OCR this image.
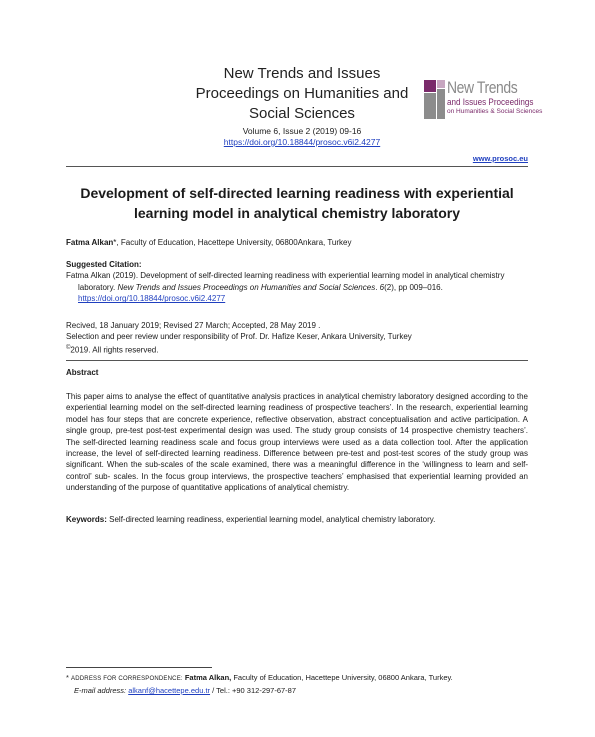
New Trends and Issues
Proceedings on Humanities and
Social Sciences
Volume 6, Issue 2 (2019) 09-16
https://doi.org/10.18844/prosoc.v6i2.4277
New Trends
and Issues Proceedings
on Humanities & Social Sciences
www.prosoc.eu
Development of self-directed learning readiness with experiential learning model in analytical chemistry laboratory
Fatma Alkan*, Faculty of Education, Hacettepe University, 06800Ankara, Turkey
Suggested Citation:
Fatma Alkan (2019). Development of self-directed learning readiness with experiential learning model in analytical chemistry laboratory. New Trends and Issues Proceedings on Humanities and Social Sciences. 6(2), pp 009–016. https://doi.org/10.18844/prosoc.v6i2.4277
Recived, 18 January 2019; Revised 27 March; Accepted, 28 May 2019 .
Selection and peer review under responsibility of Prof. Dr. Hafize Keser, Ankara University, Turkey
©2019. All rights reserved.
Abstract
This paper aims to analyse the effect of quantitative analysis practices in analytical chemistry laboratory designed according to the experiential learning model on the self-directed learning readiness of prospective teachers’. In the research, experiential learning model has four steps that are concrete experience, reflective observation, abstract conceptualisation and active participation. A single group, pre-test post-test experimental design was used. The study group consists of 14 prospective chemistry teachers’. The self-directed learning readiness scale and focus group interviews were used as a data collection tool. After the application increase, the level of self-directed learning readiness. Difference between pre-test and post-test scores of the study group was significant. When the sub-scales of the scale examined, there was a meaningful difference in the ‘willingness to learn and self-control’ sub- scales. In the focus group interviews, the prospective teachers’ emphasised that experiential learning provided an understanding of the purpose of quantitative applications of analytical chemistry.
Keywords: Self-directed learning readiness, experiential learning model, analytical chemistry laboratory.
* ADDRESS FOR CORRESPONDENCE: Fatma Alkan, Faculty of Education, Hacettepe University, 06800 Ankara, Turkey.
E-mail address: alkanf@hacettepe.edu.tr / Tel.: +90 312-297-67-87
